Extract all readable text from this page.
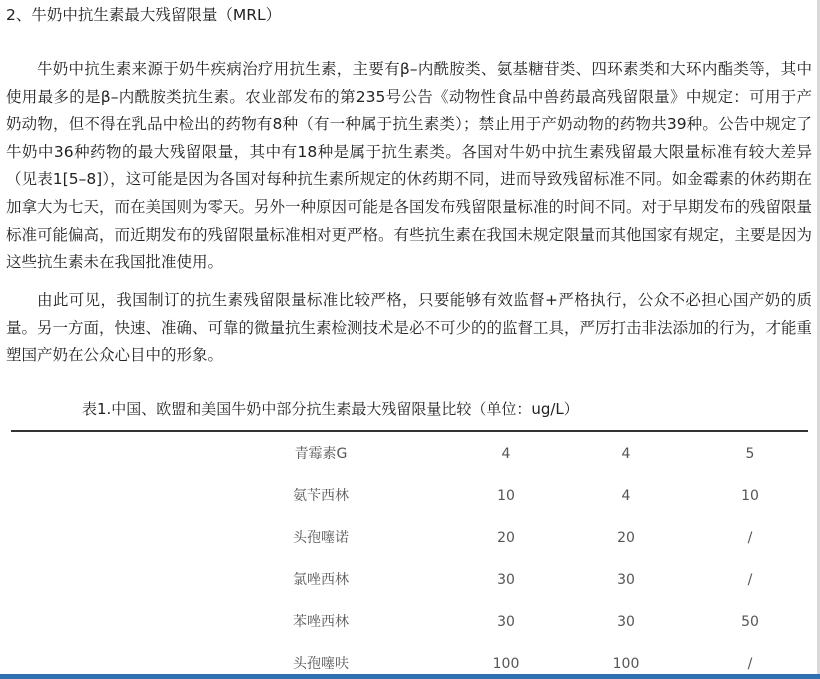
2、牛奶中抗生素最大残留限量（MRL）

牛奶中抗生素来源于奶牛疾病治疗用抗生素，主要有β–内酰胺类、氨基糖苷类、四环素类和大环内酯类等，其中使用最多的是β–内酰胺类抗生素。农业部发布的第235号公告《动物性食品中兽药最高残留限量》中规定：可用于产奶动物，但不得在乳品中检出的药物有8种（有一种属于抗生素类）；禁止用于产奶动物的药物共39种。公告中规定了牛奶中36种药物的最大残留限量，其中有18种是属于抗生素类。各国对牛奶中抗生素残留最大限量标准有较大差异（见表1[5–8]），这可能是因为各国对每种抗生素所规定的休药期不同，进而导致残留标准不同。如金霉素的休药期在加拿大为七天，而在美国则为零天。另外一种原因可能是各国发布残留限量标准的时间不同。对于早期发布的残留限量标准可能偏高，而近期发布的残留限量标准相对更严格。有些抗生素在我国未规定限量而其他国家有规定，主要是因为这些抗生素未在我国批准使用。

由此可见，我国制订的抗生素残留限量标准比较严格，只要能够有效监督+严格执行，公众不必担心国产奶的质量。另一方面，快速、准确、可靠的微量抗生素检测技术是必不可少的的监督工具，严厉打击非法添加的行为，才能重塑国产奶在公众心目中的形象。

表1.中国、欧盟和美国牛奶中部分抗生素最大残留限量比较（单位：ug/L）
青霉素G	4	4	5
氨苄西林	10	4	10
头孢噻诺	20	20	/
氯唑西林	30	30	/
苯唑西林	30	30	50
头孢噻呋	100	100	/
